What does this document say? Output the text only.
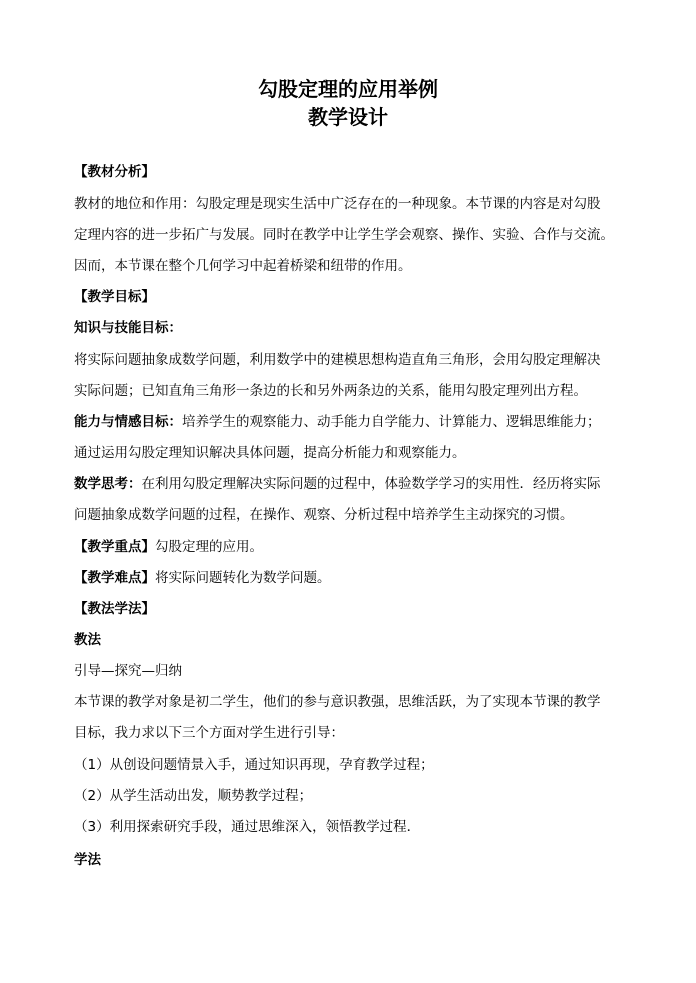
勾股定理的应用举例
教学设计
【教材分析】
教材的地位和作用：勾股定理是现实生活中广泛存在的一种现象。本节课的内容是对勾股
定理内容的进一步拓广与发展。同时在教学中让学生学会观察、操作、实验、合作与交流。
因而，本节课在整个几何学习中起着桥梁和纽带的作用。
【教学目标】
知识与技能目标：
将实际问题抽象成数学问题，利用数学中的建模思想构造直角三角形，会用勾股定理解决
实际问题；已知直角三角形一条边的长和另外两条边的关系，能用勾股定理列出方程。
能力与情感目标：培养学生的观察能力、动手能力自学能力、计算能力、逻辑思维能力；
通过运用勾股定理知识解决具体问题，提高分析能力和观察能力。
数学思考：在利用勾股定理解决实际问题的过程中，体验数学学习的实用性．经历将实际
问题抽象成数学问题的过程，在操作、观察、分析过程中培养学生主动探究的习惯。
【教学重点】勾股定理的应用。
【教学难点】将实际问题转化为数学问题。
【教法学法】
教法
引导—探究—归纳
本节课的教学对象是初二学生，他们的参与意识教强，思维活跃，为了实现本节课的教学
目标，我力求以下三个方面对学生进行引导：
（1）从创设问题情景入手，通过知识再现，孕育教学过程；
（2）从学生活动出发，顺势教学过程；
（3）利用探索研究手段，通过思维深入，领悟教学过程．
学法
